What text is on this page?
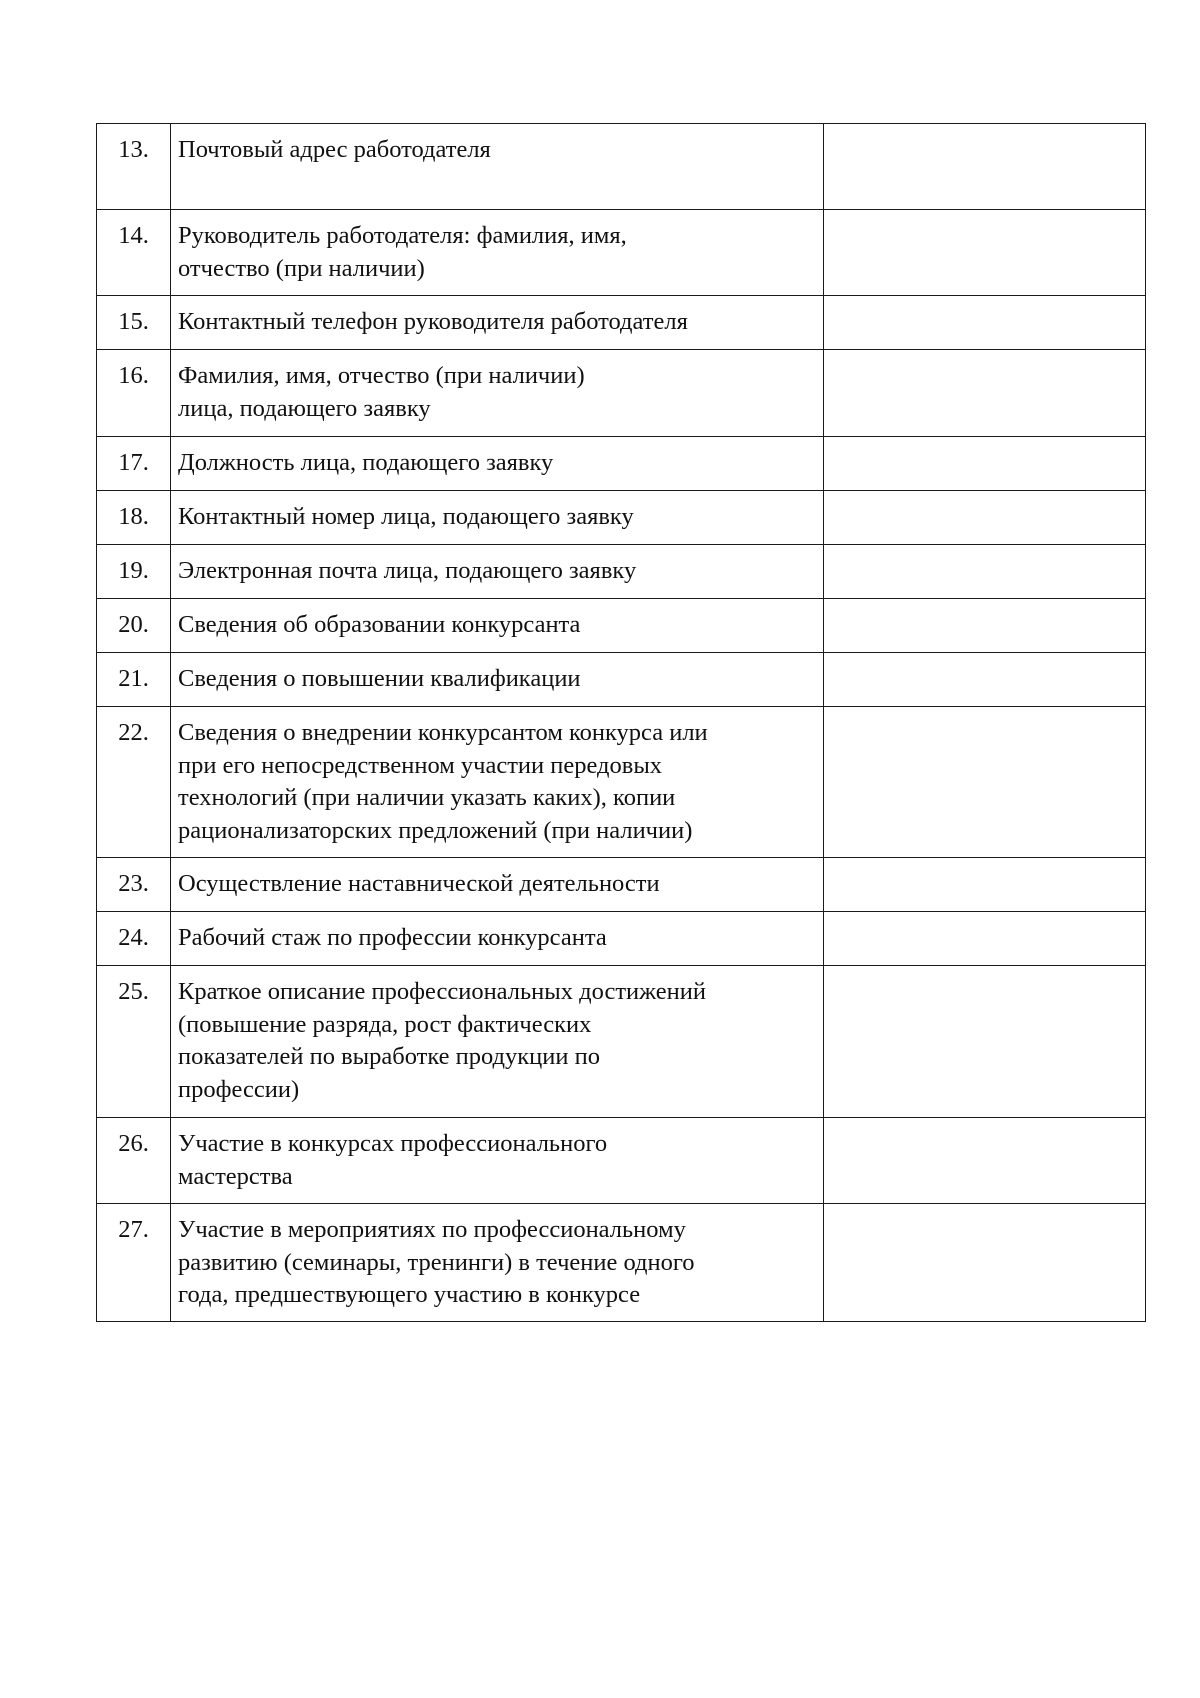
13.	Почтовый адрес работодателя	
14.	Руководитель работодателя: фамилия, имя,
отчество (при наличии)	
15.	Контактный телефон руководителя работодателя	
16.	Фамилия, имя, отчество (при наличии)
лица, подающего заявку	
17.	Должность лица, подающего заявку	
18.	Контактный номер лица, подающего заявку	
19.	Электронная почта лица, подающего заявку	
20.	Сведения об образовании конкурсанта	
21.	Сведения о повышении квалификации	
22.	Сведения о внедрении конкурсантом конкурса или
при его непосредственном участии передовых
технологий (при наличии указать каких), копии
рационализаторских предложений (при наличии)	
23.	Осуществление наставнической деятельности	
24.	Рабочий стаж по профессии конкурсанта	
25.	Краткое описание профессиональных достижений
(повышение разряда, рост фактических
показателей по выработке продукции по
профессии)	
26.	Участие в конкурсах профессионального
мастерства	
27.	Участие в мероприятиях по профессиональному
развитию (семинары, тренинги) в течение одного
года, предшествующего участию в конкурсе	
